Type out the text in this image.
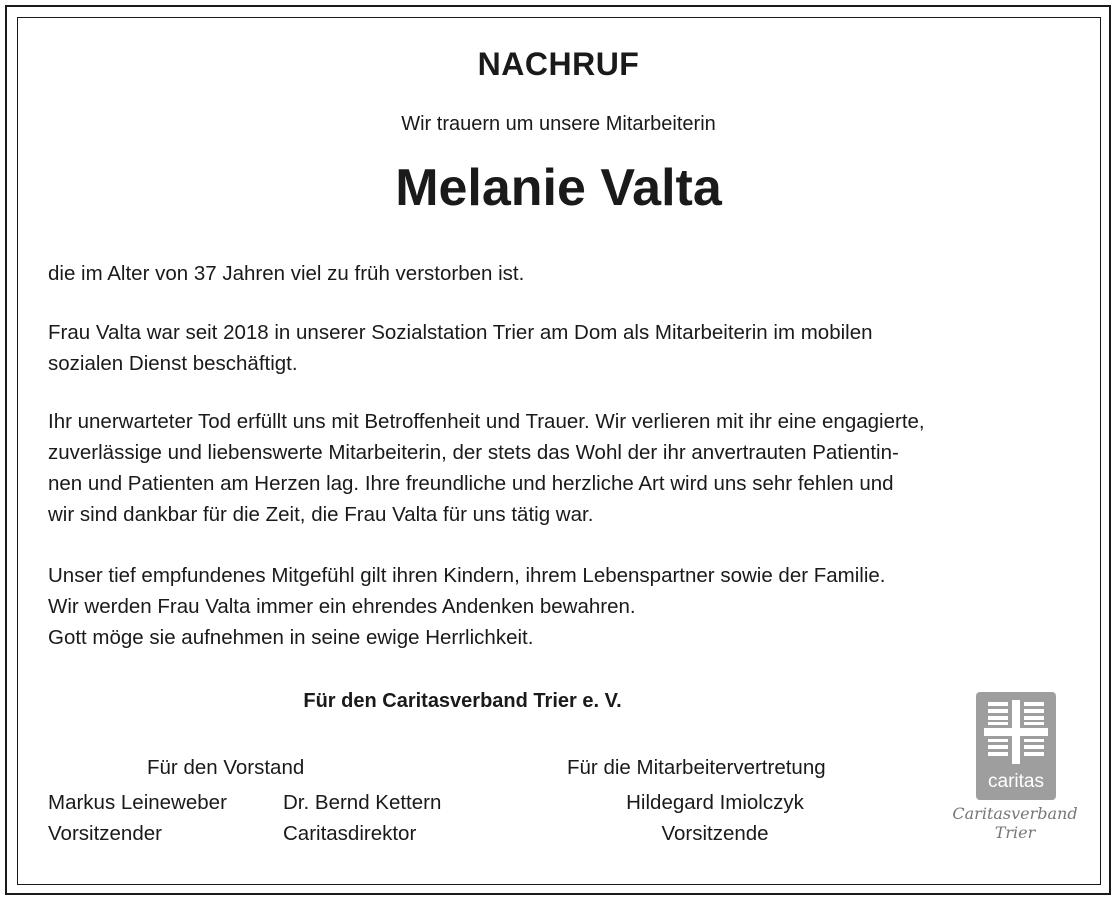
NACHRUF
Wir trauern um unsere Mitarbeiterin
Melanie Valta

die im Alter von 37 Jahren viel zu früh verstorben ist.

Frau Valta war seit 2018 in unserer Sozialstation Trier am Dom als Mitarbeiterin im mobilen
sozialen Dienst beschäftigt.

Ihr unerwarteter Tod erfüllt uns mit Betroffenheit und Trauer. Wir verlieren mit ihr eine engagierte,
zuverlässige und liebenswerte Mitarbeiterin, der stets das Wohl der ihr anvertrauten Patientin-
nen und Patienten am Herzen lag. Ihre freundliche und herzliche Art wird uns sehr fehlen und
wir sind dankbar für die Zeit, die Frau Valta für uns tätig war.

Unser tief empfundenes Mitgefühl gilt ihren Kindern, ihrem Lebenspartner sowie der Familie.
Wir werden Frau Valta immer ein ehrendes Andenken bewahren.
Gott möge sie aufnehmen in seine ewige Herrlichkeit.

Für den Caritasverband Trier e. V.
Für den Vorstand	Für die Mitarbeitervertretung
Markus Leineweber
Vorsitzender
Dr. Bernd Kettern
Caritasdirektor
Hildegard Imiolczyk
Vorsitzende
caritas
Caritasverband
Trier
